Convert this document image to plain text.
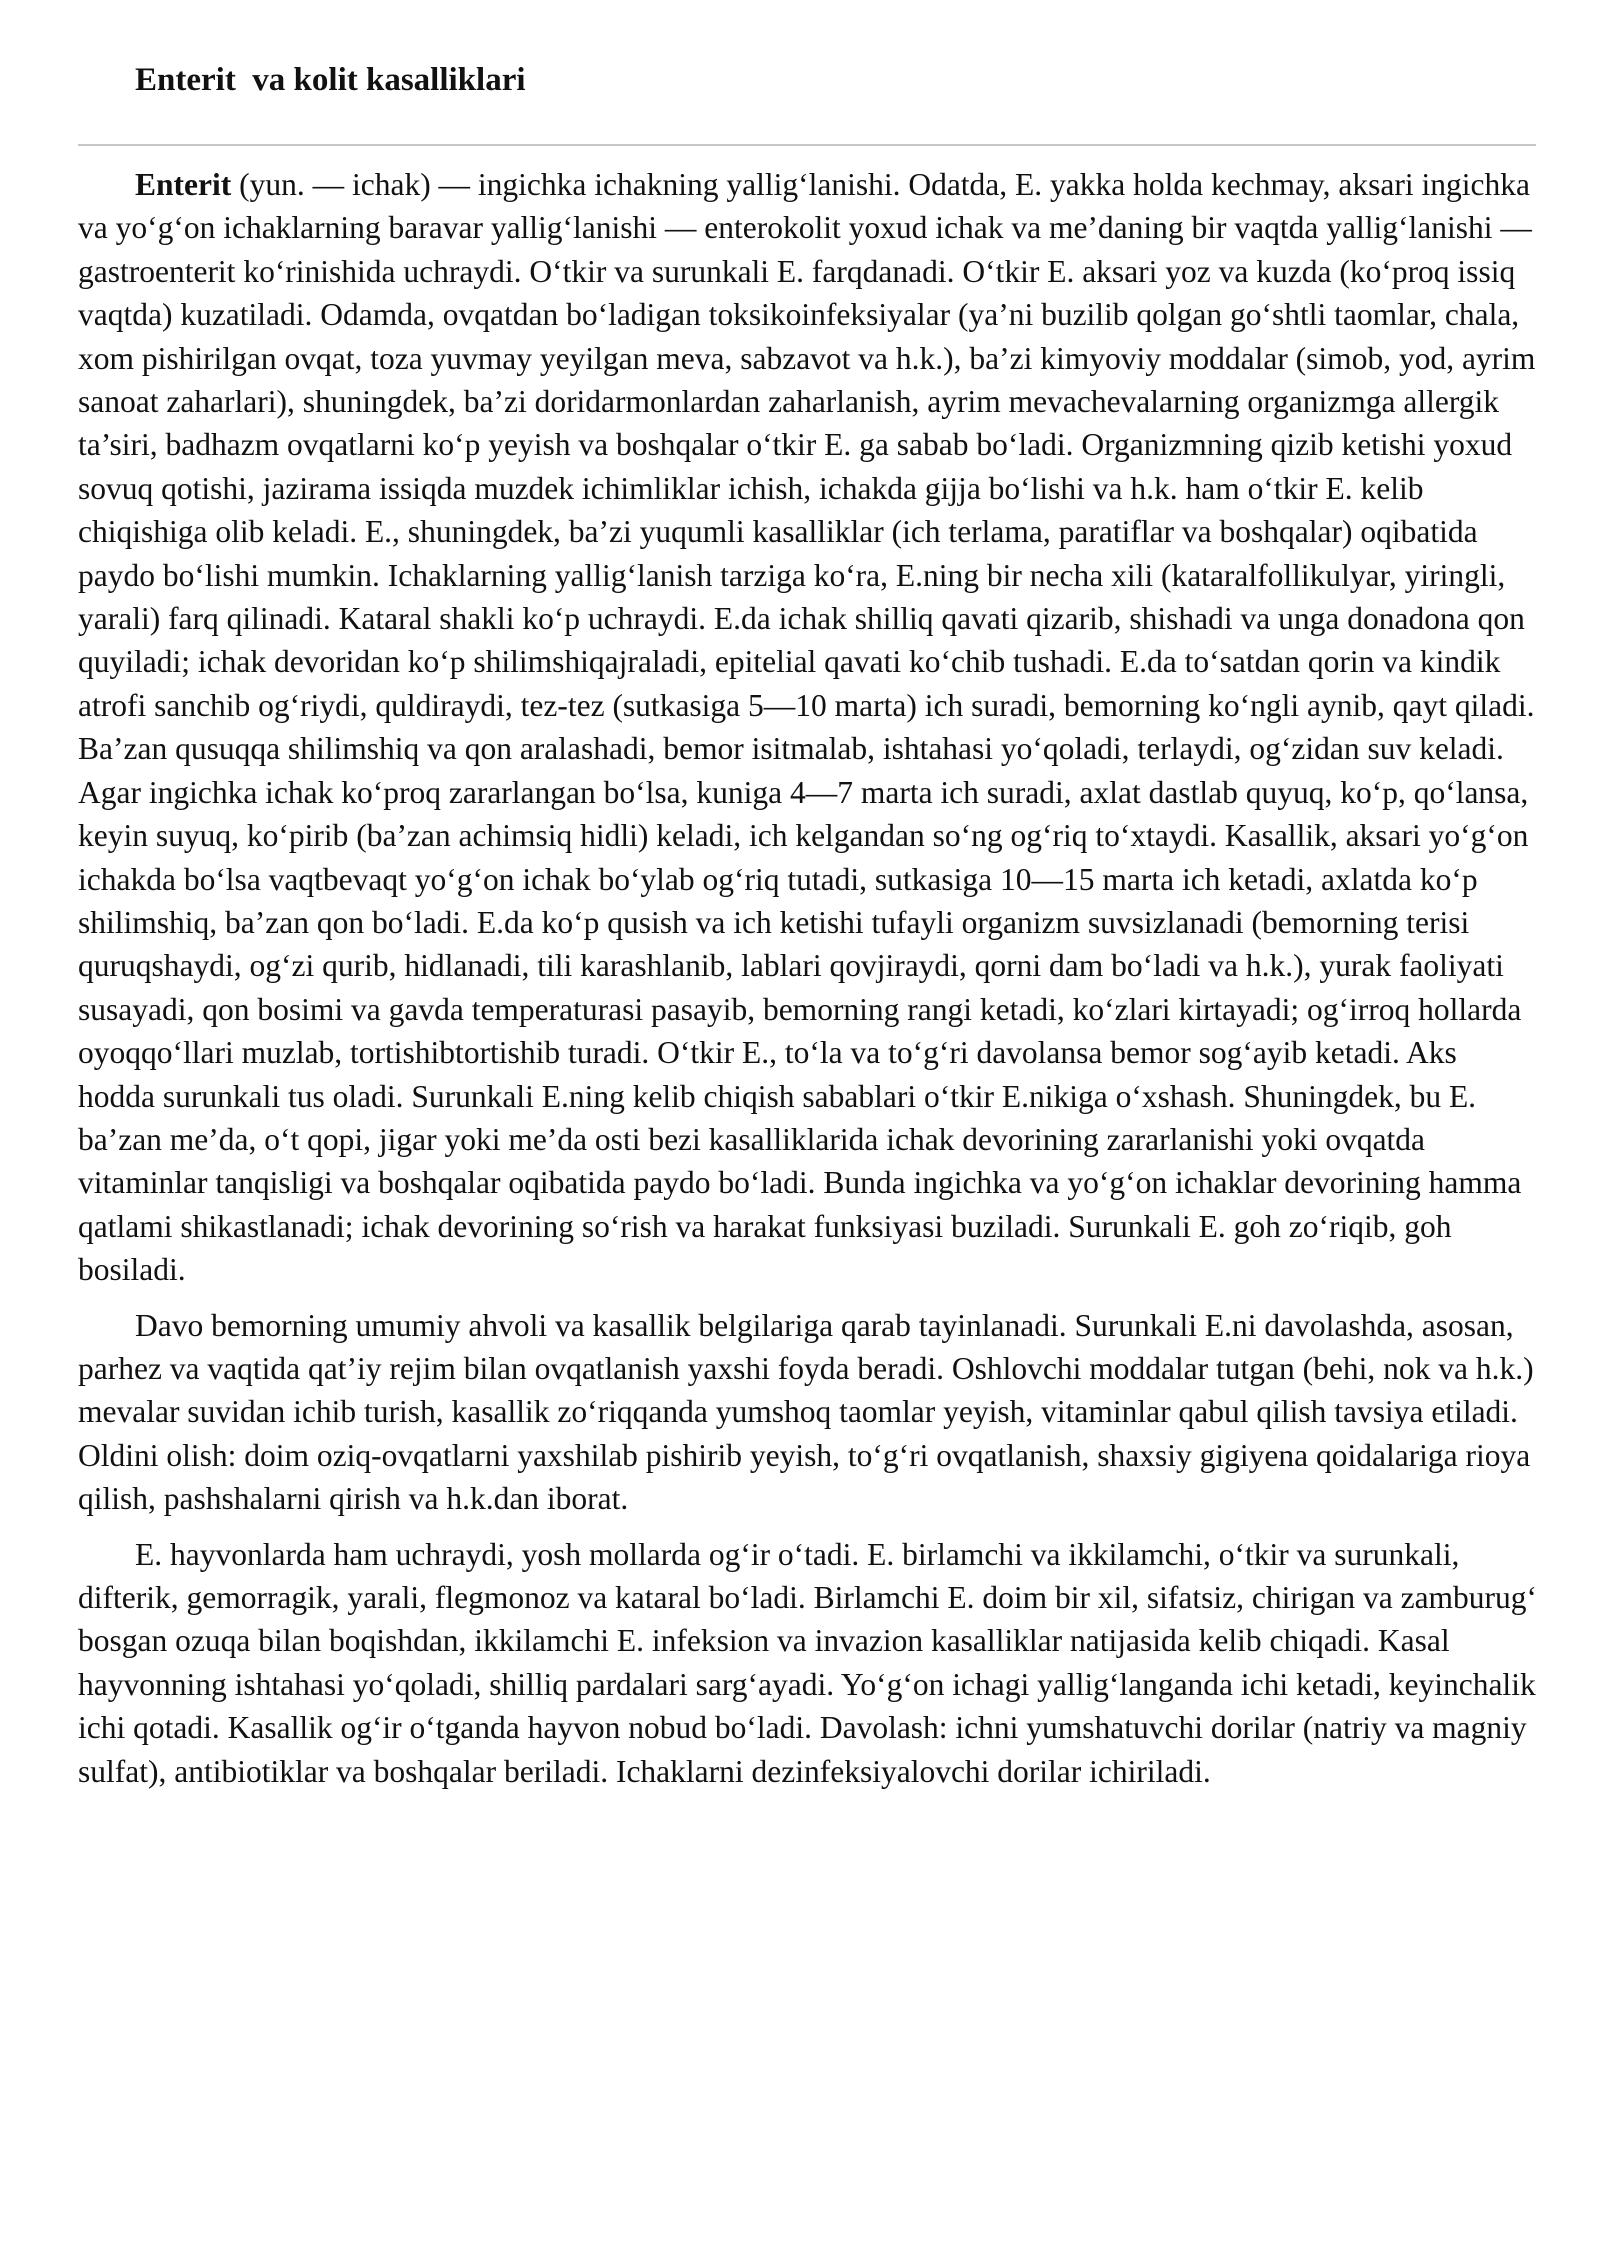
Enterit  va kolit kasalliklari

Enterit (yun. — ichak) — ingichka ichakning yallig‘lanishi. Odatda, E. yakka holda kechmay, aksari ingichka va yo‘g‘on ichaklarning baravar yallig‘lanishi — enterokolit yoxud ichak va me’daning bir vaqtda yallig‘lanishi — gastroenterit ko‘rinishida uchraydi. O‘tkir va surunkali E. farqdanadi. O‘tkir E. aksari yoz va kuzda (ko‘proq issiq vaqtda) kuzatiladi. Odamda, ovqatdan bo‘ladigan toksikoinfeksiyalar (ya’ni buzilib qolgan go‘shtli taomlar, chala, xom pishirilgan ovqat, toza yuvmay yeyilgan meva, sabzavot va h.k.), ba’zi kimyoviy moddalar (simob, yod, ayrim sanoat zaharlari), shuningdek, ba’zi doridarmonlardan zaharlanish, ayrim mevachevalarning organizmga allergik ta’siri, badhazm ovqatlarni ko‘p yeyish va boshqalar o‘tkir E. ga sabab bo‘ladi. Organizmning qizib ketishi yoxud sovuq qotishi, jazirama issiqda muzdek ichimliklar ichish, ichakda gijja bo‘lishi va h.k. ham o‘tkir E. kelib chiqishiga olib keladi. E., shuningdek, ba’zi yuqumli kasalliklar (ich terlama, paratiflar va boshqalar) oqibatida paydo bo‘lishi mumkin. Ichaklarning yallig‘lanish tarziga ko‘ra, E.ning bir necha xili (kataralfollikulyar, yiringli, yarali) farq qilinadi. Kataral shakli ko‘p uchraydi. E.da ichak shilliq qavati qizarib, shishadi va unga donadona qon quyiladi; ichak devoridan ko‘p shilimshiqajraladi, epitelial qavati ko‘chib tushadi. E.da to‘satdan qorin va kindik atrofi sanchib og‘riydi, quldiraydi, tez-tez (sutkasiga 5—10 marta) ich suradi, bemorning ko‘ngli aynib, qayt qiladi. Ba’zan qusuqqa shilimshiq va qon aralashadi, bemor isitmalab, ishtahasi yo‘qoladi, terlaydi, og‘zidan suv keladi. Agar ingichka ichak ko‘proq zararlangan bo‘lsa, kuniga 4—7 marta ich suradi, axlat dastlab quyuq, ko‘p, qo‘lansa, keyin suyuq, ko‘pirib (ba’zan achimsiq hidli) keladi, ich kelgandan so‘ng og‘riq to‘xtaydi. Kasallik, aksari yo‘g‘on ichakda bo‘lsa vaqtbevaqt yo‘g‘on ichak bo‘ylab og‘riq tutadi, sutkasiga 10—15 marta ich ketadi, axlatda ko‘p shilimshiq, ba’zan qon bo‘ladi. E.da ko‘p qusish va ich ketishi tufayli organizm suvsizlanadi (bemorning terisi quruqshaydi, og‘zi qurib, hidlanadi, tili karashlanib, lablari qovjiraydi, qorni dam bo‘ladi va h.k.), yurak faoliyati susayadi, qon bosimi va gavda temperaturasi pasayib, bemorning rangi ketadi, ko‘zlari kirtayadi; og‘irroq hollarda oyoqqo‘llari muzlab, tortishibtortishib turadi. O‘tkir E., to‘la va to‘g‘ri davolansa bemor sog‘ayib ketadi. Aks hodda surunkali tus oladi. Surunkali E.ning kelib chiqish sabablari o‘tkir E.nikiga o‘xshash. Shuningdek, bu E. ba’zan me’da, o‘t qopi, jigar yoki me’da osti bezi kasalliklarida ichak devorining zararlanishi yoki ovqatda vitaminlar tanqisligi va boshqalar oqibatida paydo bo‘ladi. Bunda ingichka va yo‘g‘on ichaklar devorining hamma qatlami shikastlanadi; ichak devorining so‘rish va harakat funksiyasi buziladi. Surunkali E. goh zo‘riqib, goh bosiladi.

Davo bemorning umumiy ahvoli va kasallik belgilariga qarab tayinlanadi. Surunkali E.ni davolashda, asosan, parhez va vaqtida qat’iy rejim bilan ovqatlanish yaxshi foyda beradi. Oshlovchi moddalar tutgan (behi, nok va h.k.) mevalar suvidan ichib turish, kasallik zo‘riqqanda yumshoq taomlar yeyish, vitaminlar qabul qilish tavsiya etiladi. Oldini olish: doim oziq-ovqatlarni yaxshilab pishirib yeyish, to‘g‘ri ovqatlanish, shaxsiy gigiyena qoidalariga rioya qilish, pashshalarni qirish va h.k.dan iborat.

E. hayvonlarda ham uchraydi, yosh mollarda og‘ir o‘tadi. E. birlamchi va ikkilamchi, o‘tkir va surunkali, difterik, gemorragik, yarali, flegmonoz va kataral bo‘ladi. Birlamchi E. doim bir xil, sifatsiz, chirigan va zamburug‘ bosgan ozuqa bilan boqishdan, ikkilamchi E. infeksion va invazion kasalliklar natijasida kelib chiqadi. Kasal hayvonning ishtahasi yo‘qoladi, shilliq pardalari sarg‘ayadi. Yo‘g‘on ichagi yallig‘langanda ichi ketadi, keyinchalik ichi qotadi. Kasallik og‘ir o‘tganda hayvon nobud bo‘ladi. Davolash: ichni yumshatuvchi dorilar (natriy va magniy sulfat), antibiotiklar va boshqalar beriladi. Ichaklarni dezinfeksiyalovchi dorilar ichiriladi.
